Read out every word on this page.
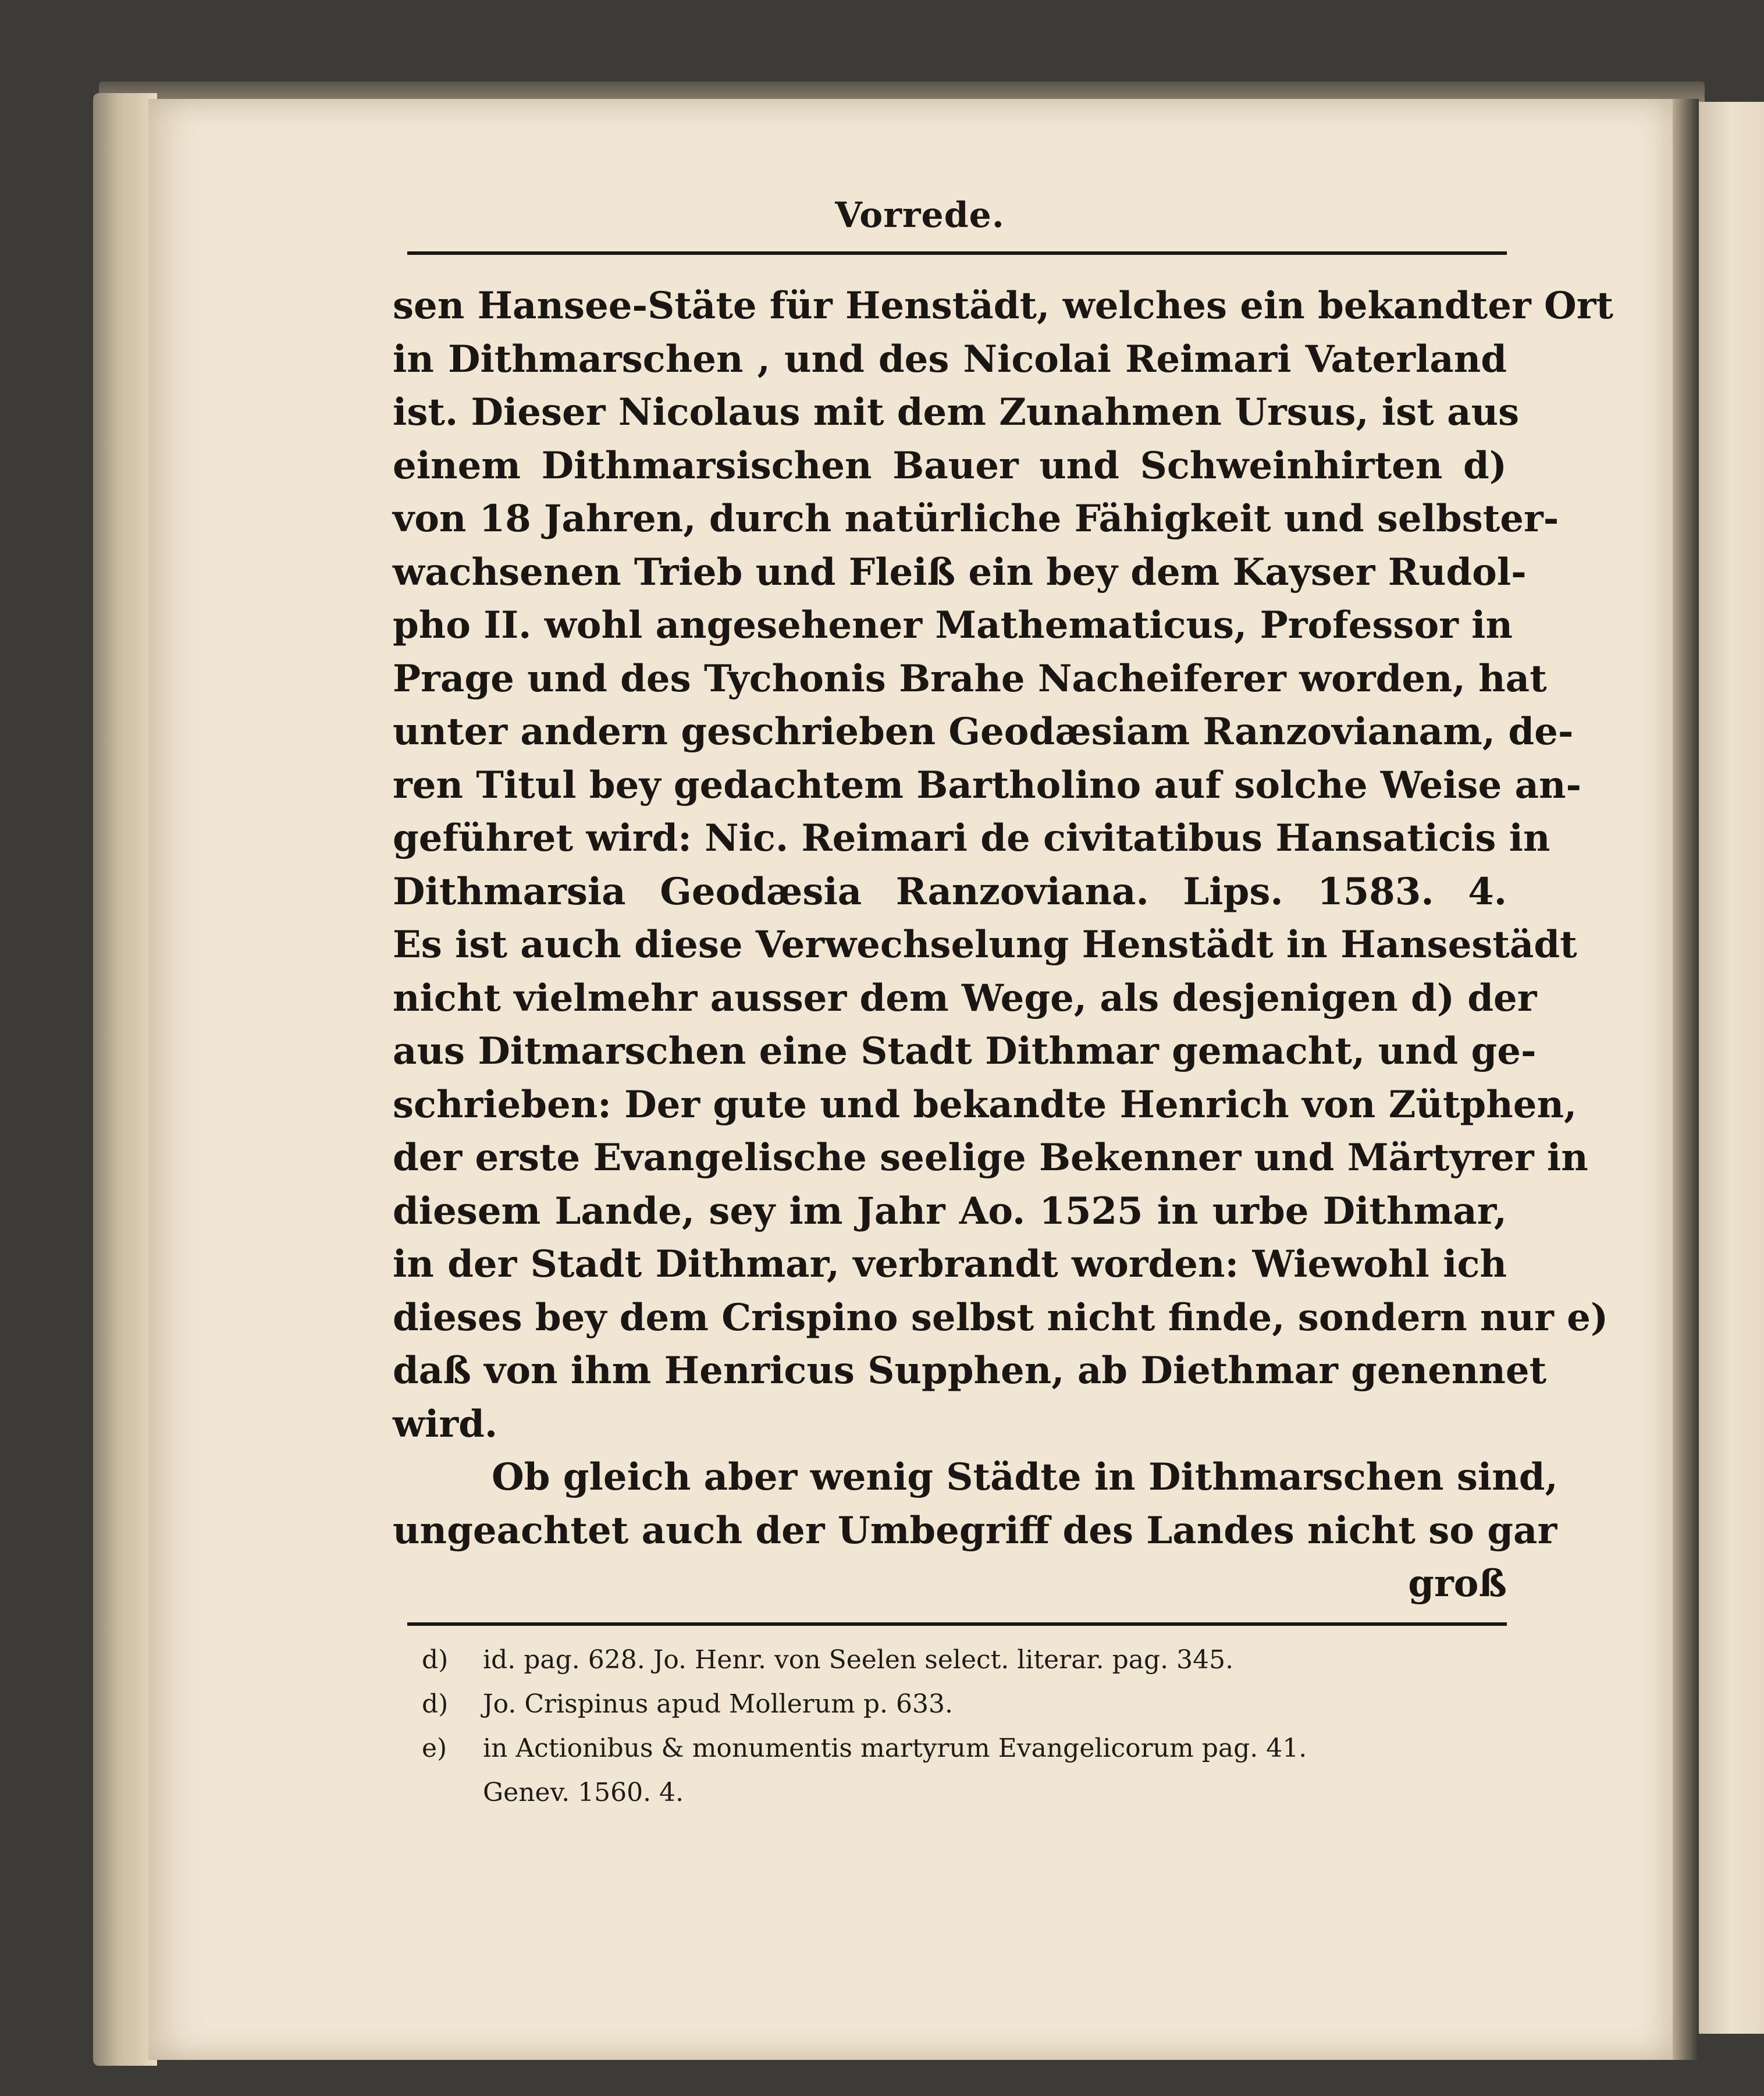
Vorrede.
sen Hansee-Stäte für Henstädt, welches ein bekandter Ort
in Dithmarschen , und des Nicolai Reimari Vaterland
ist. Dieser Nicolaus mit dem Zunahmen Ursus, ist aus
einem Dithmarsischen Bauer und Schweinhirten d)
von 18 Jahren, durch natürliche Fähigkeit und selbster-
wachsenen Trieb und Fleiß ein bey dem Kayser Rudol-
pho II. wohl angesehener Mathematicus, Professor in
Prage und des Tychonis Brahe Nacheiferer worden, hat
unter andern geschrieben Geodæsiam Ranzovianam, de-
ren Titul bey gedachtem Bartholino auf solche Weise an-
geführet wird: Nic. Reimari de civitatibus Hansaticis in
Dithmarsia Geodæsia Ranzoviana. Lips. 1583. 4.
Es ist auch diese Verwechselung Henstädt in Hansestädt
nicht vielmehr ausser dem Wege, als desjenigen d) der
aus Ditmarschen eine Stadt Dithmar gemacht, und ge-
schrieben: Der gute und bekandte Henrich von Zütphen,
der erste Evangelische seelige Bekenner und Märtyrer in
diesem Lande, sey im Jahr Ao. 1525 in urbe Dithmar,
in der Stadt Dithmar, verbrandt worden: Wiewohl ich
dieses bey dem Crispino selbst nicht finde, sondern nur e)
daß von ihm Henricus Supphen, ab Diethmar genennet
wird.
Ob gleich aber wenig Städte in Dithmarschen sind,
ungeachtet auch der Umbegriff des Landes nicht so gar
groß
d) id. pag. 628. Jo. Henr. von Seelen select. literar. pag. 345.
d) Jo. Crispinus apud Mollerum p. 633.
e) in Actionibus & monumentis martyrum Evangelicorum pag. 41.
Genev. 1560. 4.
